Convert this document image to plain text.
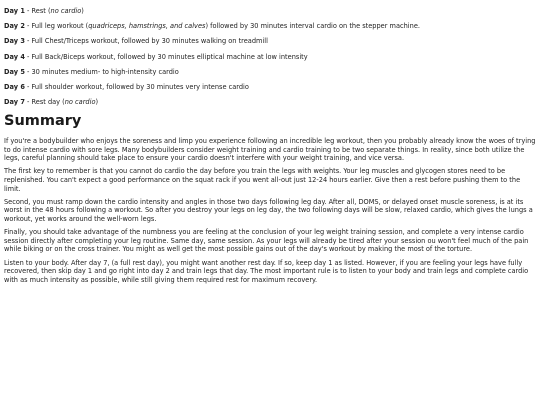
Day 1 - Rest (no cardio)
Day 2 - Full leg workout (quadriceps, hamstrings, and calves) followed by 30 minutes interval cardio on the stepper machine.
Day 3 - Full Chest/Triceps workout, followed by 30 minutes walking on treadmill
Day 4 - Full Back/Biceps workout, followed by 30 minutes elliptical machine at low intensity
Day 5 - 30 minutes medium- to high-intensity cardio
Day 6 - Full shoulder workout, followed by 30 minutes very intense cardio
Day 7 - Rest day (no cardio)
Summary

If you're a bodybuilder who enjoys the soreness and limp you experience following an incredible leg workout, then you probably already know the woes of trying to do intense cardio with sore legs. Many bodybuilders consider weight training and cardio training to be two separate things. In reality, since both utilize the legs, careful planning should take place to ensure your cardio doesn't interfere with your weight training, and vice versa.

The first key to remember is that you cannot do cardio the day before you train the legs with weights. Your leg muscles and glycogen stores need to be replenished. You can't expect a good performance on the squat rack if you went all-out just 12-24 hours earlier. Give then a rest before pushing them to the limit.

Second, you must ramp down the cardio intensity and angles in those two days following leg day. After all, DOMS, or delayed onset muscle soreness, is at its worst in the 48 hours following a workout. So after you destroy your legs on leg day, the two following days will be slow, relaxed cardio, which gives the lungs a workout, yet works around the well-worn legs.

Finally, you should take advantage of the numbness you are feeling at the conclusion of your leg weight training session, and complete a very intense cardio session directly after completing your leg routine. Same day, same session. As your legs will already be tired after your session ou won't feel much of the pain while biking or on the cross trainer. You might as well get the most possible gains out of the day's workout by making the most of the torture.

Listen to your body. After day 7, (a full rest day), you might want another rest day. If so, keep day 1 as listed. However, if you are feeling your legs have fully recovered, then skip day 1 and go right into day 2 and train legs that day. The most important rule is to listen to your body and train legs and complete cardio with as much intensity as possible, while still giving them required rest for maximum recovery.
